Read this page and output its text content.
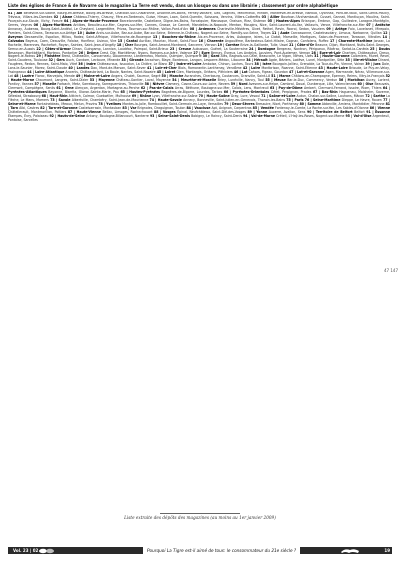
Liste des églises de France & de Navarre où le magazine La Terre est vendu, dans un kiosque ou dans une librairie ; classement par ordre alphabétique
01 | Ain Belleville-sur-Saône, Bourg-en-Bresse, Bourg-les-Bresse, Châtillon-sur-Chalaronne, Divonne-les-Bains, Ferney-Voltaire, Gex, Lagnieu, Meximieux, Miribel, Montrevel-en-Bresse, Nantua, Oyonnax, Pont-de-Vaux, Saint-Genis-Pouilly, Trévoux, Villars-les-Dombes 02 | Aisne Château-Thierry, Chauny, Fère-en-Tardenois, Guise, Hirson, Laon, Saint-Quentin, Soissons, Vervins, Villers-Cotterêts 03 | Allier Bourbon-l'Archambault, Cusset, Gannat, Montluçon, Moulins, Saint-Pourçain-sur-Sioule, Vichy, Yzeure 04 | Alpes-de-Haute-Provence Barcelonnette, Castellane, Digne-les-Bains, Forcalquier, Manosque, Oraison, Riez, Sisteron 05 | Hautes-Alpes Briançon, Embrun, Gap, Guillestre, Laragne-Montéglin, Serres, Veynes 06 | Alpes-Maritimes Antibes, Beaulieu-sur-Mer, Cagnes-sur-Mer, Cannes, Grasse, Le Cannet, Mandelieu-la-Napoule, Menton, Mougins, Nice, Saint-Laurent-du-Var, Vallauris, Vence, Villefranche-sur-Mer 07 | Ardèche Annonay, Aubenas, Bourg-Saint-Andéol, Le Cheylard, Largentière, Privas, Tournon-sur-Rhône, Vallon-Pont-d'Arc 08 | Ardennes Charleville-Mézières, Givet, Rethel, Revin, Rocroi, Sedan, Vouziers 09 | Ariège Foix, Lavelanet, Mirepoix, Pamiers, Saint-Girons, Tarascon-sur-Ariège 10 | Aube Arcis-sur-Aube, Bar-sur-Aube, Bar-sur-Seine, Brienne-le-Château, Nogent-sur-Seine, Romilly-sur-Seine, Troyes 11 | Aude Carcassonne, Castelnaudary, Limoux, Narbonne, Quillan 12 | Aveyron Decazeville, Espalion, Millau, Rodez, Saint-Affrique, Villefranche-de-Rouergue 13 | Bouches-du-Rhône Aix-en-Provence, Arles, Aubagne, Istres, La Ciotat, Marseille, Martigues, Salon-de-Provence, Tarascon, Vitrolles 14 | Calvados Bayeux, Caen, Deauville, Falaise, Honfleur, Lisieux, Vire 15 | Cantal Aurillac, Mauriac, Murat, Saint-Flour 16 | Charente Angoulême, Barbezieux-Saint-Hilaire, Cognac, Confolens, Ruffec 17 | Charente-Maritime Jonzac, La Rochelle, Marennes, Rochefort, Royan, Saintes, Saint-Jean-d'Angély 18 | Cher Bourges, Saint-Amand-Montrond, Sancerre, Vierzon 19 | Corrèze Brive-la-Gaillarde, Tulle, Ussel 21 | Côte-d'Or Beaune, Dijon, Montbard, Nuits-Saint-Georges, Semur-en-Auxois 22 | Côtes-d'Armor Dinan, Guingamp, Lannion, Loudéac, Paimpol, Saint-Brieuc 23 | Creuse Aubusson, Guéret, La Souterraine 24 | Dordogne Bergerac, Nontron, Périgueux, Ribérac, Sarlat-la-Canéda 25 | Doubs Besançon, Montbéliard, Morteau, Pontarlier 26 | Drôme Crest, Die, Montélimar, Nyons, Romans-sur-Isère, Valence 27 | Eure Bernay, Évreux, Les Andelys, Louviers, Pont-Audemer, Vernon 28 | Eure-et-Loir Chartres, Châteaudun, Dreux, Nogent-le-Rotrou 29 | Finistère Brest, Châteaulin, Concarneau, Douarnenez, Landerneau, Morlaix, Quimper, Quimperlé 30 | Gard Alès, Bagnols-sur-Cèze, Beaucaire, Le Vigan, Nîmes, Uzès 31 | Haute-Garonne Colomiers, Muret, Revel, Saint-Gaudens, Toulouse 32 | Gers Auch, Condom, Lectoure, Mirande 33 | Gironde Arcachon, Blaye, Bordeaux, Langon, Lesparre-Médoc, Libourne 34 | Hérault Agde, Béziers, Lodève, Lunel, Montpellier, Sète 35 | Ille-et-Vilaine Dinard, Fougères, Redon, Rennes, Saint-Malo, Vitré 36 | Indre Châteauroux, Issoudun, La Châtre, Le Blanc 37 | Indre-et-Loire Amboise, Chinon, Loches, Tours 38 | Isère Bourgoin-Jallieu, Grenoble, La Tour-du-Pin, Vienne, Voiron 39 | Jura Dole, Lons-le-Saunier, Morez, Saint-Claude 40 | Landes Dax, Mont-de-Marsan, Saint-Sever 41 | Loir-et-Cher Blois, Romorantin-Lanthenay, Vendôme 42 | Loire Montbrison, Roanne, Saint-Étienne 43 | Haute-Loire Brioude, Le Puy-en-Velay, Yssingeaux 44 | Loire-Atlantique Ancenis, Châteaubriant, La Baule, Nantes, Saint-Nazaire 45 | Loiret Gien, Montargis, Orléans, Pithiviers 46 | Lot Cahors, Figeac, Gourdon 47 | Lot-et-Garonne Agen, Marmande, Nérac, Villeneuve-sur-Lot 48 | Lozère Florac, Marvejols, Mende 49 | Maine-et-Loire Angers, Cholet, Saumur, Segré 50 | Manche Avranches, Cherbourg, Coutances, Granville, Saint-Lô 51 | Marne Châlons-en-Champagne, Épernay, Reims, Vitry-le-François 52 | Haute-Marne Chaumont, Langres, Saint-Dizier 53 | Mayenne Château-Gontier, Laval, Mayenne 54 | Meurthe-et-Moselle Briey, Lunéville, Nancy, Toul 55 | Meuse Bar-le-Duc, Commercy, Verdun 56 | Morbihan Auray, Lorient, Pontivy, Vannes 57 | Moselle Forbach, Metz, Sarrebourg, Sarreguemines, Thionville 58 | Nièvre Clamecy, Cosne-Cours-sur-Loire, Nevers 59 | Nord Avesnes-sur-Helpe, Cambrai, Douai, Dunkerque, Lille, Valenciennes 60 | Oise Beauvais, Clermont, Compiègne, Senlis 61 | Orne Alençon, Argentan, Mortagne-au-Perche 62 | Pas-de-Calais Arras, Béthune, Boulogne-sur-Mer, Calais, Lens, Montreuil 63 | Puy-de-Dôme Ambert, Clermont-Ferrand, Issoire, Riom, Thiers 64 | Pyrénées-Atlantiques Bayonne, Biarritz, Oloron-Sainte-Marie, Pau 65 | Hautes-Pyrénées Bagnères-de-Bigorre, Lourdes, Tarbes 66 | Pyrénées-Orientales Céret, Perpignan, Prades 67 | Bas-Rhin Haguenau, Molsheim, Saverne, Sélestat, Strasbourg 68 | Haut-Rhin Altkirch, Colmar, Guebwiller, Mulhouse 69 | Rhône Lyon, Villefranche-sur-Saône 70 | Haute-Saône Gray, Lure, Vesoul 71 | Saône-et-Loire Autun, Chalon-sur-Saône, Louhans, Mâcon 72 | Sarthe La Flèche, Le Mans, Mamers 73 | Savoie Albertville, Chambéry, Saint-Jean-de-Maurienne 74 | Haute-Savoie Annecy, Bonneville, Saint-Julien-en-Genevois, Thonon-les-Bains 75 | Paris 76 | Seine-Maritime Dieppe, Le Havre, Rouen 77 | Seine-et-Marne Fontainebleau, Meaux, Melun, Provins 78 | Yvelines Mantes-la-Jolie, Rambouillet, Saint-Germain-en-Laye, Versailles 79 | Deux-Sèvres Bressuire, Niort, Parthenay 80 | Somme Abbeville, Amiens, Montdidier, Péronne 81 | Tarn Albi, Castres 82 | Tarn-et-Garonne Castelsarrasin, Montauban 83 | Var Brignoles, Draguignan, Toulon 84 | Vaucluse Apt, Avignon, Carpentras 85 | Vendée Fontenay-le-Comte, La Roche-sur-Yon, Les Sables-d'Olonne 86 | Vienne Châtellerault, Montmorillon, Poitiers 87 | Haute-Vienne Bellac, Limoges, Rochechouart 88 | Vosges Épinal, Neufchâteau, Saint-Dié-des-Vosges 89 | Yonne Auxerre, Avallon, Sens 90 | Territoire de Belfort Belfort 91 | Essonne Étampes, Évry, Palaiseau 92 | Hauts-de-Seine Antony, Boulogne-Billancourt, Nanterre 93 | Seine-Saint-Denis Bobigny, Le Raincy, Saint-Denis 94 | Val-de-Marne Créteil, L'Haÿ-les-Roses, Nogent-sur-Marne 95 | Val-d'Oise Argenteuil, Pontoise, Sarcelles
47 147
Liste extraite des dépôts des magazines (au moins au 1er janvier 2009)
Vol. 23 | 02	Pourquoi La Tigre est-il aimé de tous: le consommateur du 21e siècle ?	19
